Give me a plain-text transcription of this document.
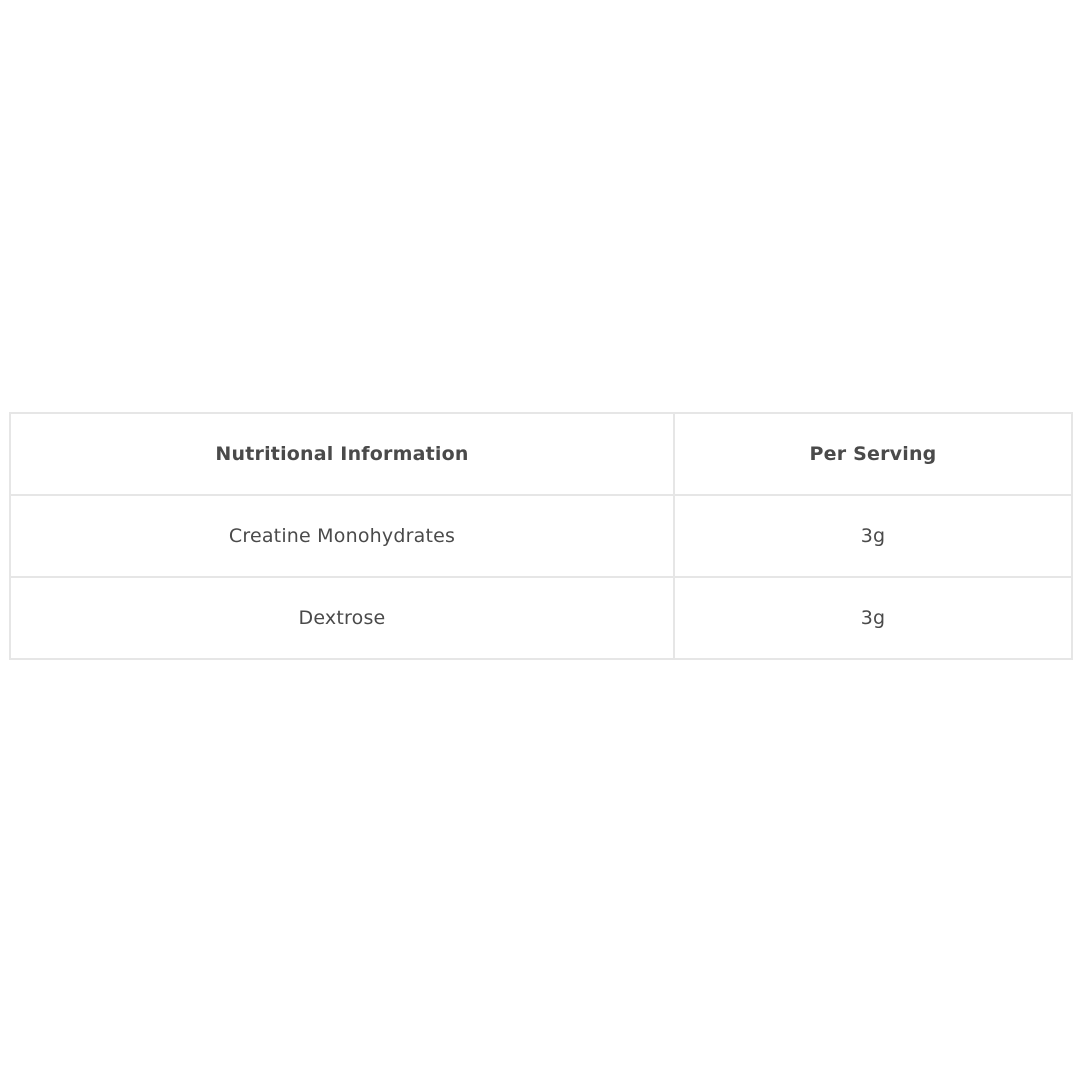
Nutritional Information	Per Serving
Creatine Monohydrates	3g
Dextrose	3g
